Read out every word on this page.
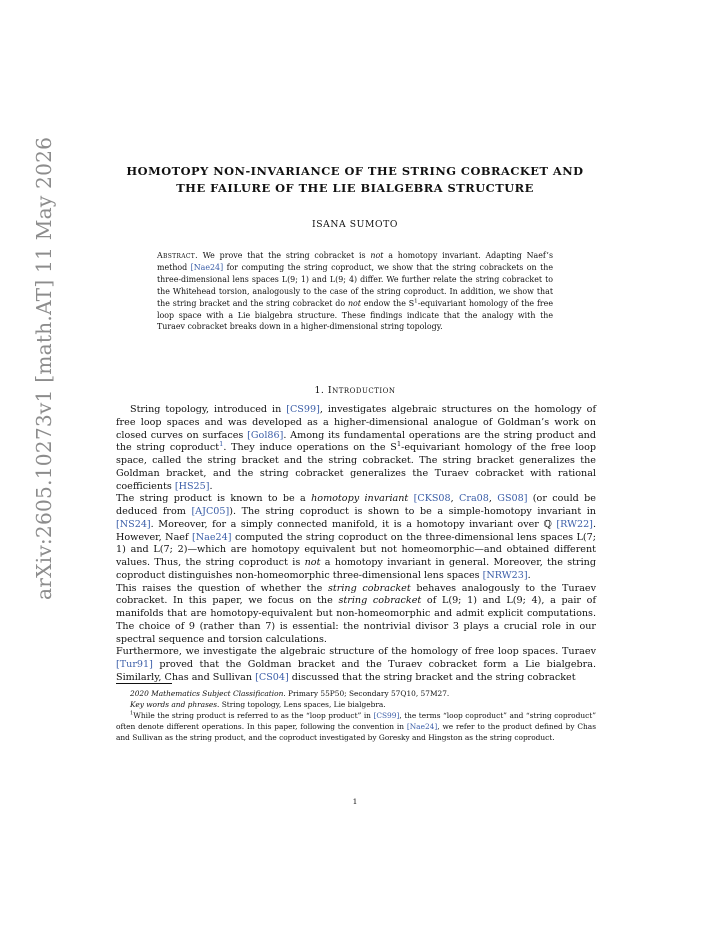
arXiv:2605.10273v1 [math.AT] 11 May 2026	HOMOTOPY NON-INVARIANCE OF THE STRING COBRACKET AND
THE FAILURE OF THE LIE BIALGEBRA STRUCTURE
ISANA SUMOTO
Abstract. We prove that the string cobracket is not a homotopy invariant. Adapting Naef’s method [Nae24] for computing the string coproduct, we show that the string cobrackets on the three-dimensional lens spaces L(9; 1) and L(9; 4) differ. We further relate the string cobracket to the Whitehead torsion, analogously to the case of the string coproduct. In addition, we show that the string bracket and the string cobracket do not endow the $S^1$-equivariant homology of the free loop space with a Lie bialgebra structure. These findings indicate that the analogy with the Turaev cobracket breaks down in a higher-dimensional string topology.
1. Introduction

String topology, introduced in [CS99], investigates algebraic structures on the homology of free loop spaces and was developed as a higher-dimensional analogue of Goldman’s work on closed curves on surfaces [Gol86]. Among its fundamental operations are the string product and the string coproduct$^1$. They induce operations on the $S^1$-equivariant homology of the free loop space, called the string bracket and the string cobracket. The string bracket generalizes the Goldman bracket, and the string cobracket generalizes the Turaev cobracket with rational coefficients [HS25].

The string product is known to be a homotopy invariant [CKS08, Cra08, GS08] (or could be deduced from [AJC05]). The string coproduct is shown to be a simple-homotopy invariant in [NS24]. Moreover, for a simply connected manifold, it is a homotopy invariant over ℚ [RW22]. However, Naef [Nae24] computed the string coproduct on the three-dimensional lens spaces L(7; 1) and L(7; 2)—which are homotopy equivalent but not homeomorphic—and obtained different values. Thus, the string coproduct is not a homotopy invariant in general. Moreover, the string coproduct distinguishes non-homeomorphic three-dimensional lens spaces [NRW23].

This raises the question of whether the string cobracket behaves analogously to the Turaev cobracket. In this paper, we focus on the string cobracket of L(9; 1) and L(9; 4), a pair of manifolds that are homotopy-equivalent but non-homeomorphic and admit explicit computations. The choice of 9 (rather than 7) is essential: the nontrivial divisor 3 plays a crucial role in our spectral sequence and torsion calculations.

Furthermore, we investigate the algebraic structure of the homology of free loop spaces. Turaev [Tur91] proved that the Goldman bracket and the Turaev cobracket form a Lie bialgebra. Similarly, Chas and Sullivan [CS04] discussed that the string bracket and the string cobracket

2020 Mathematics Subject Classification. Primary 55P50; Secondary 57Q10, 57M27.

Key words and phrases. String topology, Lens spaces, Lie bialgebra.

$^1$While the string product is referred to as the “loop product” in [CS99], the terms “loop coproduct” and “string coproduct” often denote different operations. In this paper, following the convention in [Nae24], we refer to the product defined by Chas and Sullivan as the string product, and the coproduct investigated by Goresky and Hingston as the string coproduct.

1
